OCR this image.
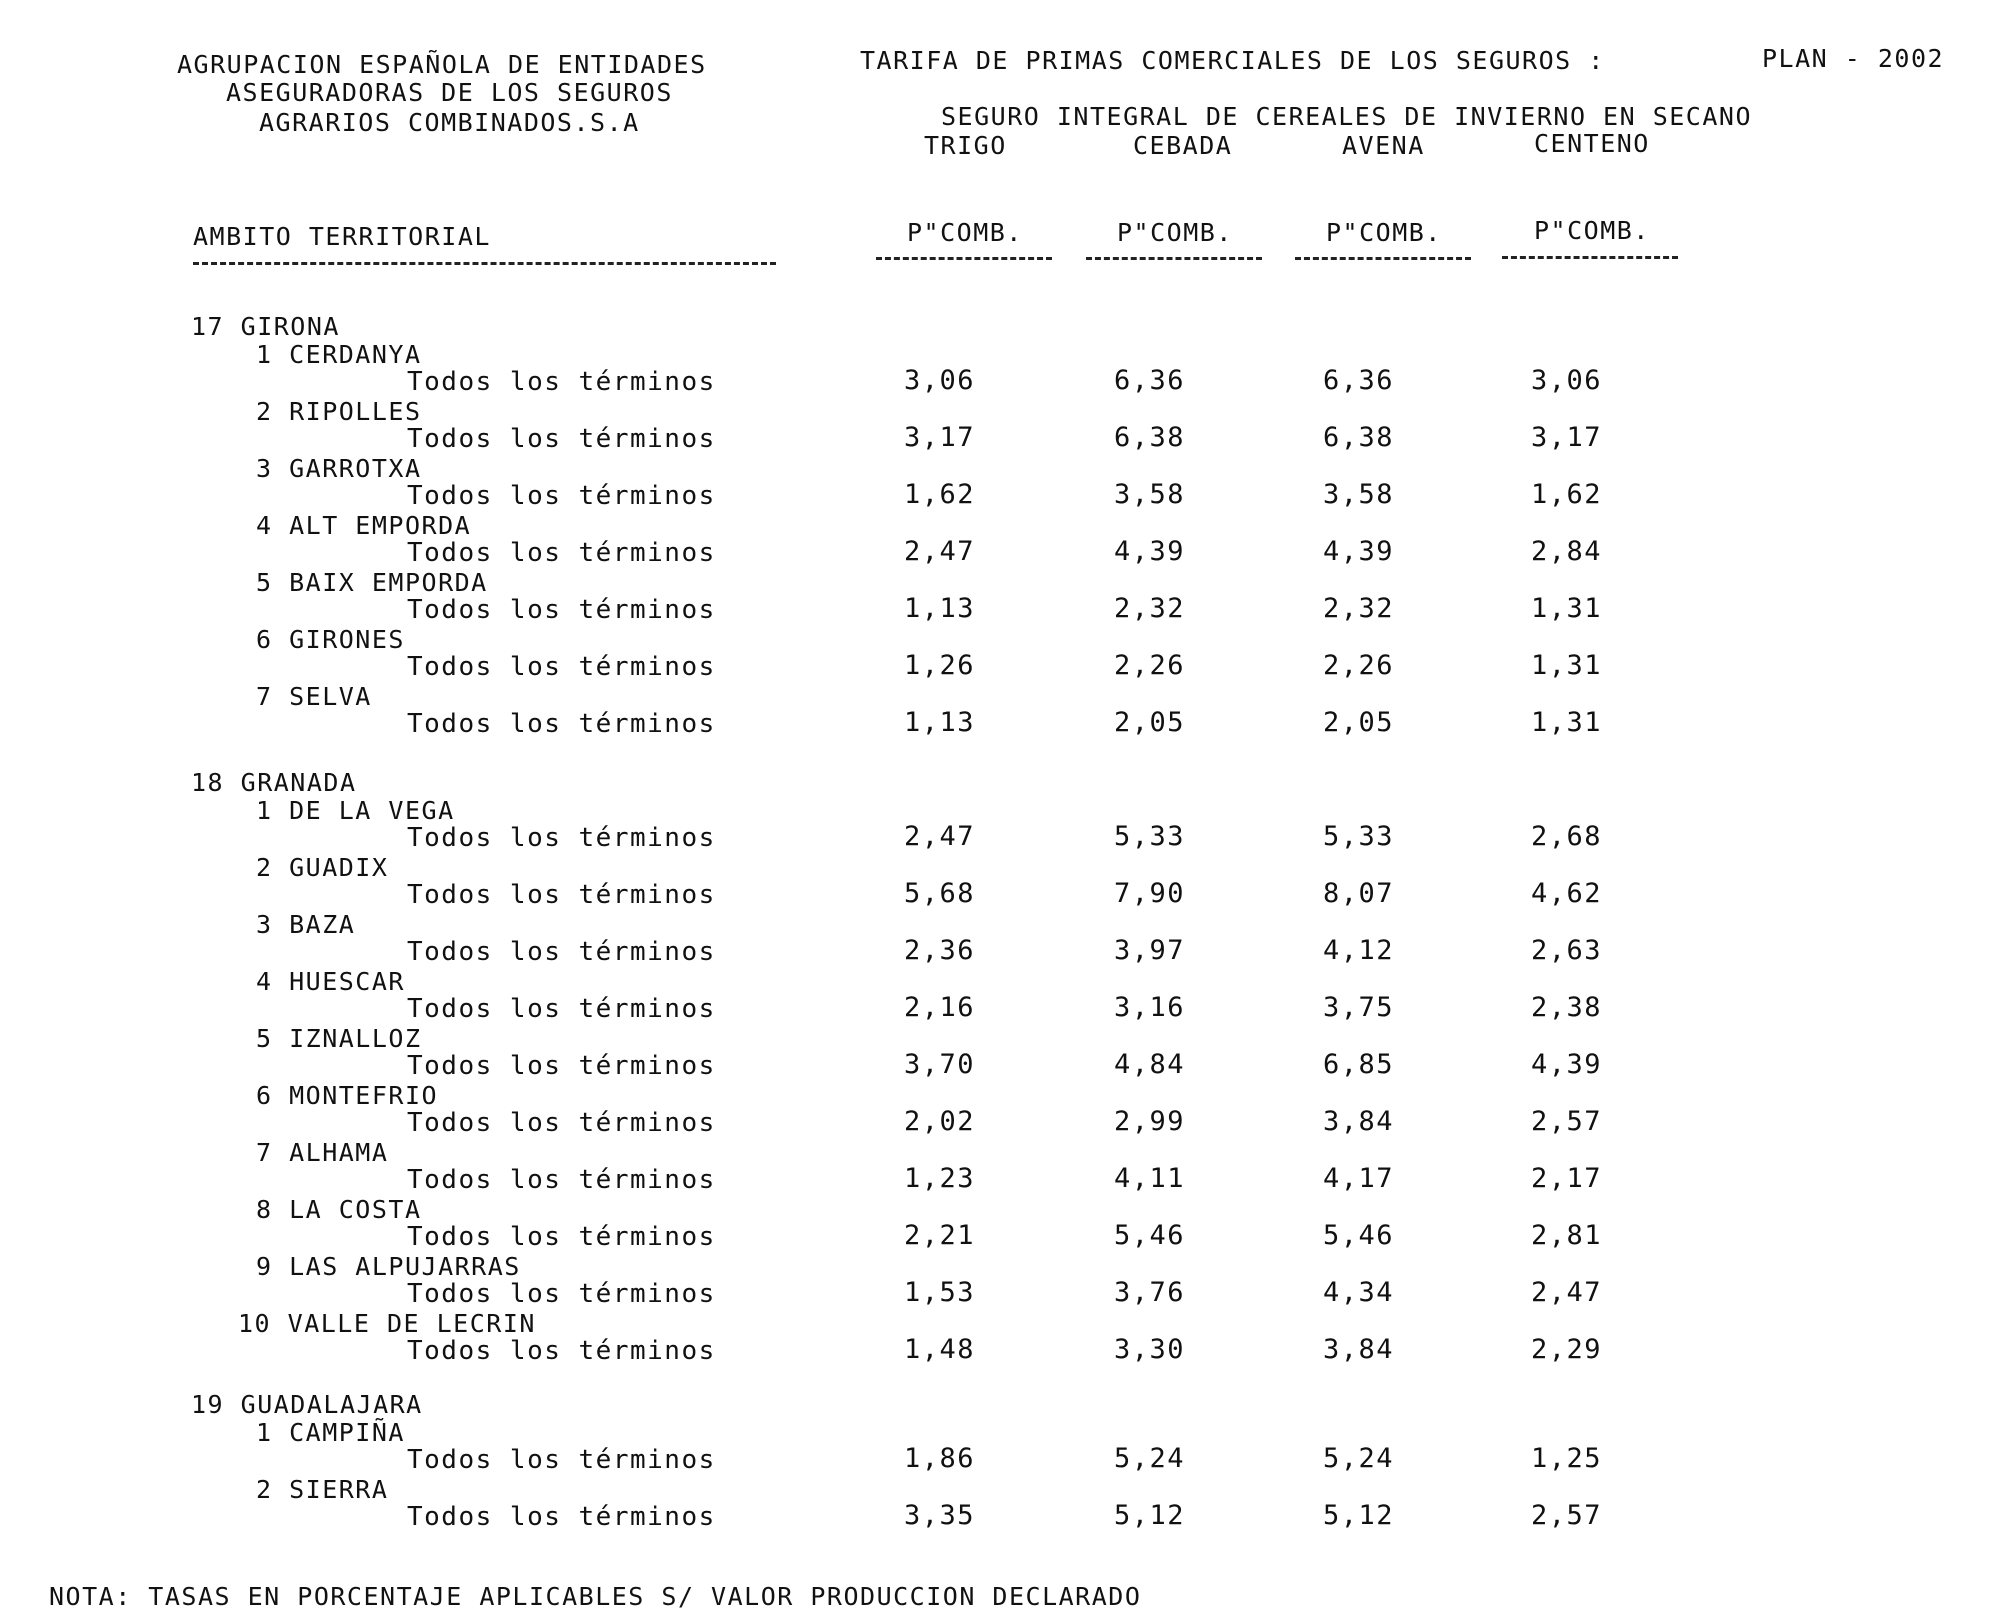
AGRUPACION ESPAÑOLA DE ENTIDADES
ASEGURADORAS DE LOS SEGUROS
AGRARIOS COMBINADOS.S.A
TARIFA DE PRIMAS COMERCIALES DE LOS SEGUROS :	PLAN - 2002
SEGURO INTEGRAL DE CEREALES DE INVIERNO EN SECANO
TRIGO	CEBADA	AVENA	CENTENO
AMBITO TERRITORIAL	P"COMB.	P"COMB.	P"COMB.	P"COMB.
17 GIRONA
1 CERDANYA
Todos los términos	3,06	6,36	6,36	3,06
2 RIPOLLES
Todos los términos	3,17	6,38	6,38	3,17
3 GARROTXA
Todos los términos	1,62	3,58	3,58	1,62
4 ALT EMPORDA
Todos los términos	2,47	4,39	4,39	2,84
5 BAIX EMPORDA
Todos los términos	1,13	2,32	2,32	1,31
6 GIRONES
Todos los términos	1,26	2,26	2,26	1,31
7 SELVA
Todos los términos	1,13	2,05	2,05	1,31
18 GRANADA
1 DE LA VEGA
Todos los términos	2,47	5,33	5,33	2,68
2 GUADIX
Todos los términos	5,68	7,90	8,07	4,62
3 BAZA
Todos los términos	2,36	3,97	4,12	2,63
4 HUESCAR
Todos los términos	2,16	3,16	3,75	2,38
5 IZNALLOZ
Todos los términos	3,70	4,84	6,85	4,39
6 MONTEFRIO
Todos los términos	2,02	2,99	3,84	2,57
7 ALHAMA
Todos los términos	1,23	4,11	4,17	2,17
8 LA COSTA
Todos los términos	2,21	5,46	5,46	2,81
9 LAS ALPUJARRAS
Todos los términos	1,53	3,76	4,34	2,47
10 VALLE DE LECRIN
Todos los términos	1,48	3,30	3,84	2,29
19 GUADALAJARA
1 CAMPIÑA
Todos los términos	1,86	5,24	5,24	1,25
2 SIERRA
Todos los términos	3,35	5,12	5,12	2,57
NOTA: TASAS EN PORCENTAJE APLICABLES S/ VALOR PRODUCCION DECLARADO
